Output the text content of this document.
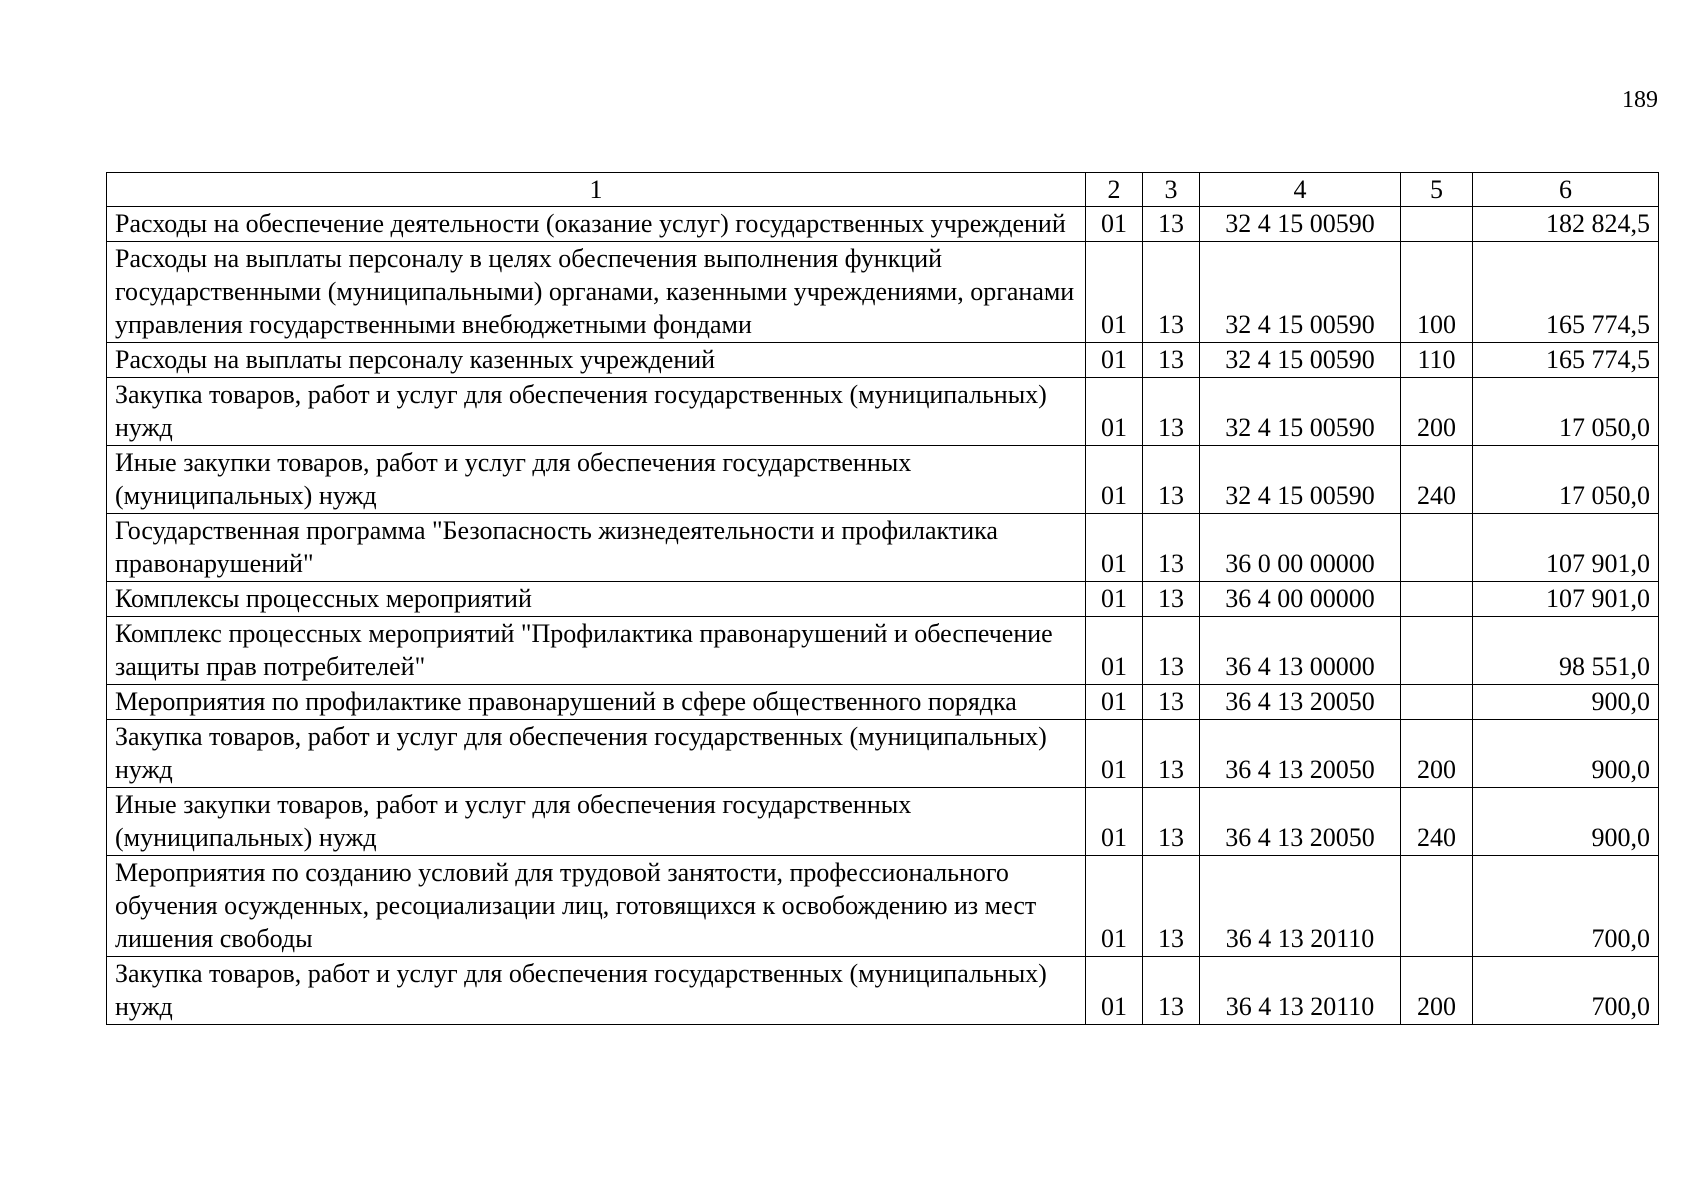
189
1	2	3	4	5	6
Расходы на обеспечение деятельности (оказание услуг) государственных учреждений	01	13	32 4 15 00590		182 824,5
Расходы на выплаты персоналу в целях обеспечения выполнения функций государственными (муниципальными) органами, казенными учреждениями, органами управления государственными внебюджетными фондами	01	13	32 4 15 00590	100	165 774,5
Расходы на выплаты персоналу казенных учреждений	01	13	32 4 15 00590	110	165 774,5
Закупка товаров, работ и услуг для обеспечения государственных (муниципальных) нужд	01	13	32 4 15 00590	200	17 050,0
Иные закупки товаров, работ и услуг для обеспечения государственных (муниципальных) нужд	01	13	32 4 15 00590	240	17 050,0
Государственная программа "Безопасность жизнедеятельности и профилактика правонарушений"	01	13	36 0 00 00000		107 901,0
Комплексы процессных мероприятий	01	13	36 4 00 00000		107 901,0
Комплекс процессных мероприятий "Профилактика правонарушений и обеспечение защиты прав потребителей"	01	13	36 4 13 00000		98 551,0
Мероприятия по профилактике правонарушений в сфере общественного порядка	01	13	36 4 13 20050		900,0
Закупка товаров, работ и услуг для обеспечения государственных (муниципальных) нужд	01	13	36 4 13 20050	200	900,0
Иные закупки товаров, работ и услуг для обеспечения государственных (муниципальных) нужд	01	13	36 4 13 20050	240	900,0
Мероприятия по созданию условий для трудовой занятости, профессионального обучения осужденных, ресоциализации лиц, готовящихся к освобождению из мест лишения свободы	01	13	36 4 13 20110		700,0
Закупка товаров, работ и услуг для обеспечения государственных (муниципальных) нужд	01	13	36 4 13 20110	200	700,0
